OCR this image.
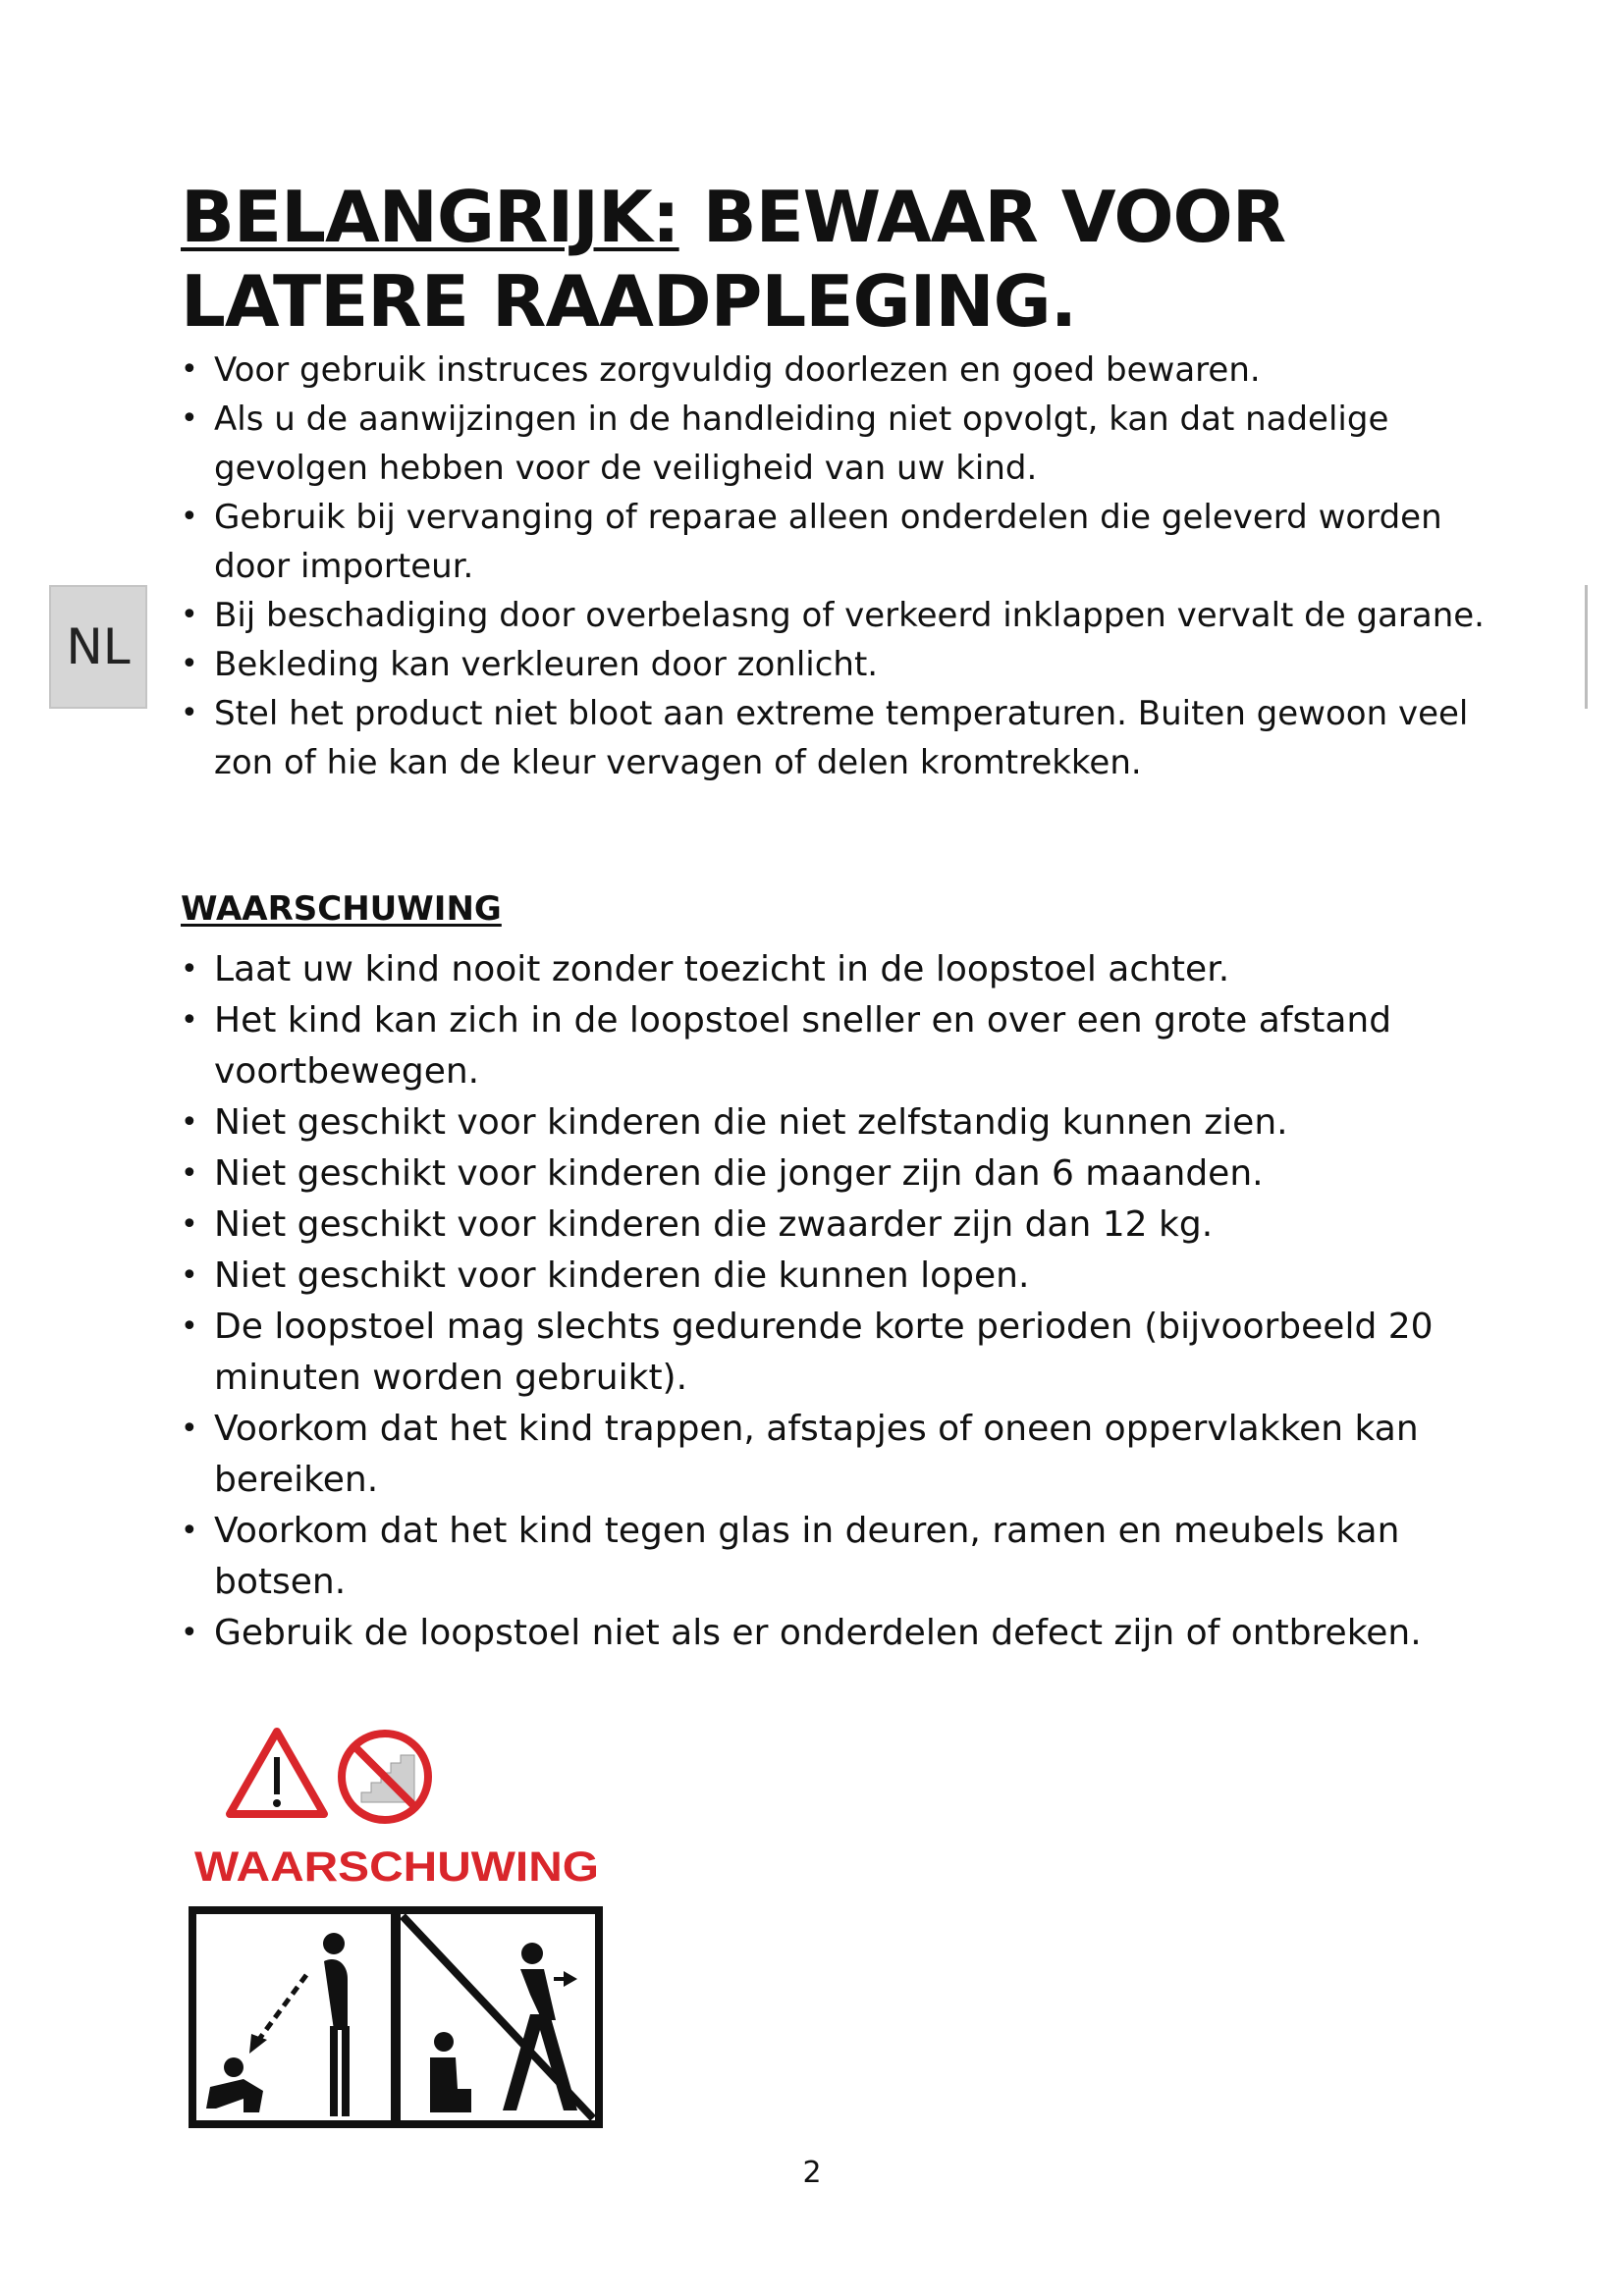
BELANGRIJK: BEWAAR VOOR
LATERE RAADPLEGING.
NL
• Voor gebruik instruces zorgvuldig doorlezen en goed bewaren.
• Als u de aanwijzingen in de handleiding niet opvolgt, kan dat nadelige gevolgen hebben voor de veiligheid van uw kind.
• Gebruik bij vervanging of reparae alleen onderdelen die geleverd worden door importeur.
• Bij beschadiging door overbelasng of verkeerd inklappen vervalt de garane.
• Bekleding kan verkleuren door zonlicht.
• Stel het product niet bloot aan extreme temperaturen. Buiten gewoon veel zon of hie kan de kleur vervagen of delen kromtrekken.
WAARSCHUWING
• Laat uw kind nooit zonder toezicht in de loopstoel achter.
• Het kind kan zich in de loopstoel sneller en over een grote afstand voortbewegen.
• Niet geschikt voor kinderen die niet zelfstandig kunnen zien.
• Niet geschikt voor kinderen die jonger zijn dan 6 maanden.
• Niet geschikt voor kinderen die zwaarder zijn dan 12 kg.
• Niet geschikt voor kinderen die kunnen lopen.
• De loopstoel mag slechts gedurende korte perioden (bijvoorbeeld 20 minuten worden gebruikt).
• Voorkom dat het kind trappen, afstapjes of oneen oppervlakken kan bereiken.
• Voorkom dat het kind tegen glas in deuren, ramen en meubels kan botsen.
• Gebruik de loopstoel niet als er onderdelen defect zijn of ontbreken.
WAARSCHUWING
2
